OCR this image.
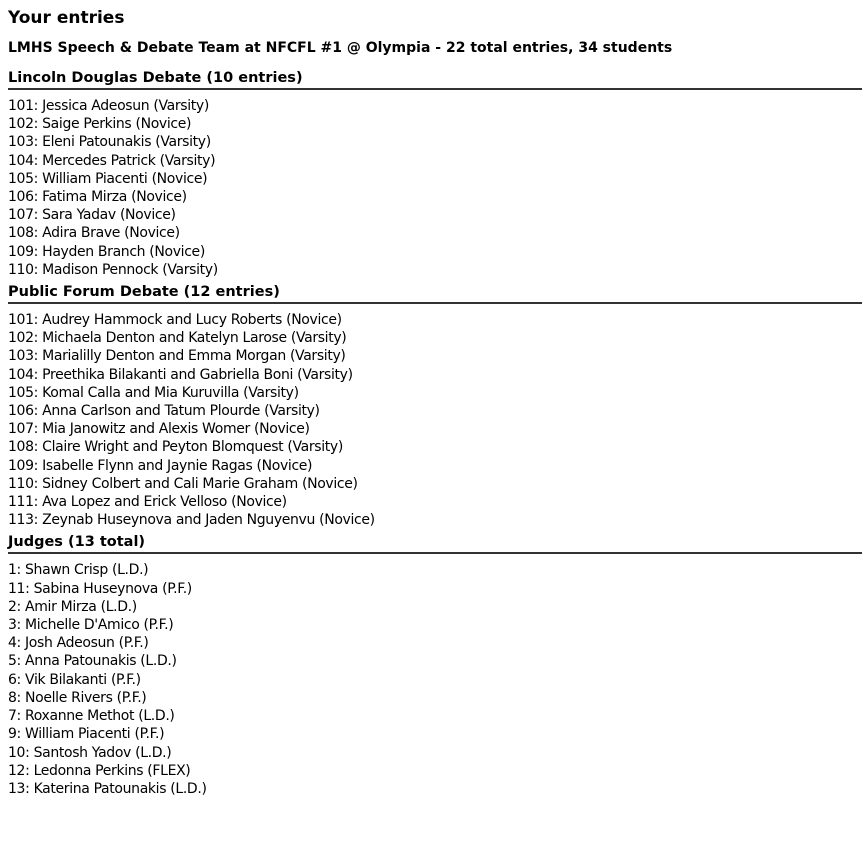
Your entries
LMHS Speech & Debate Team at NFCFL #1 @ Olympia - 22 total entries, 34 students
Lincoln Douglas Debate (10 entries)
101: Jessica Adeosun (Varsity)
102: Saige Perkins (Novice)
103: Eleni Patounakis (Varsity)
104: Mercedes Patrick (Varsity)
105: William Piacenti (Novice)
106: Fatima Mirza (Novice)
107: Sara Yadav (Novice)
108: Adira Brave (Novice)
109: Hayden Branch (Novice)
110: Madison Pennock (Varsity)
Public Forum Debate (12 entries)
101: Audrey Hammock and Lucy Roberts (Novice)
102: Michaela Denton and Katelyn Larose (Varsity)
103: Marialilly Denton and Emma Morgan (Varsity)
104: Preethika Bilakanti and Gabriella Boni (Varsity)
105: Komal Calla and Mia Kuruvilla (Varsity)
106: Anna Carlson and Tatum Plourde (Varsity)
107: Mia Janowitz and Alexis Womer (Novice)
108: Claire Wright and Peyton Blomquest (Varsity)
109: Isabelle Flynn and Jaynie Ragas (Novice)
110: Sidney Colbert and Cali Marie Graham (Novice)
111: Ava Lopez and Erick Velloso (Novice)
113: Zeynab Huseynova and Jaden Nguyenvu (Novice)
Judges (13 total)
1: Shawn Crisp (L.D.)
11: Sabina Huseynova (P.F.)
2: Amir Mirza (L.D.)
3: Michelle D'Amico (P.F.)
4: Josh Adeosun (P.F.)
5: Anna Patounakis (L.D.)
6: Vik Bilakanti (P.F.)
8: Noelle Rivers (P.F.)
7: Roxanne Methot (L.D.)
9: William Piacenti (P.F.)
10: Santosh Yadov (L.D.)
12: Ledonna Perkins (FLEX)
13: Katerina Patounakis (L.D.)
